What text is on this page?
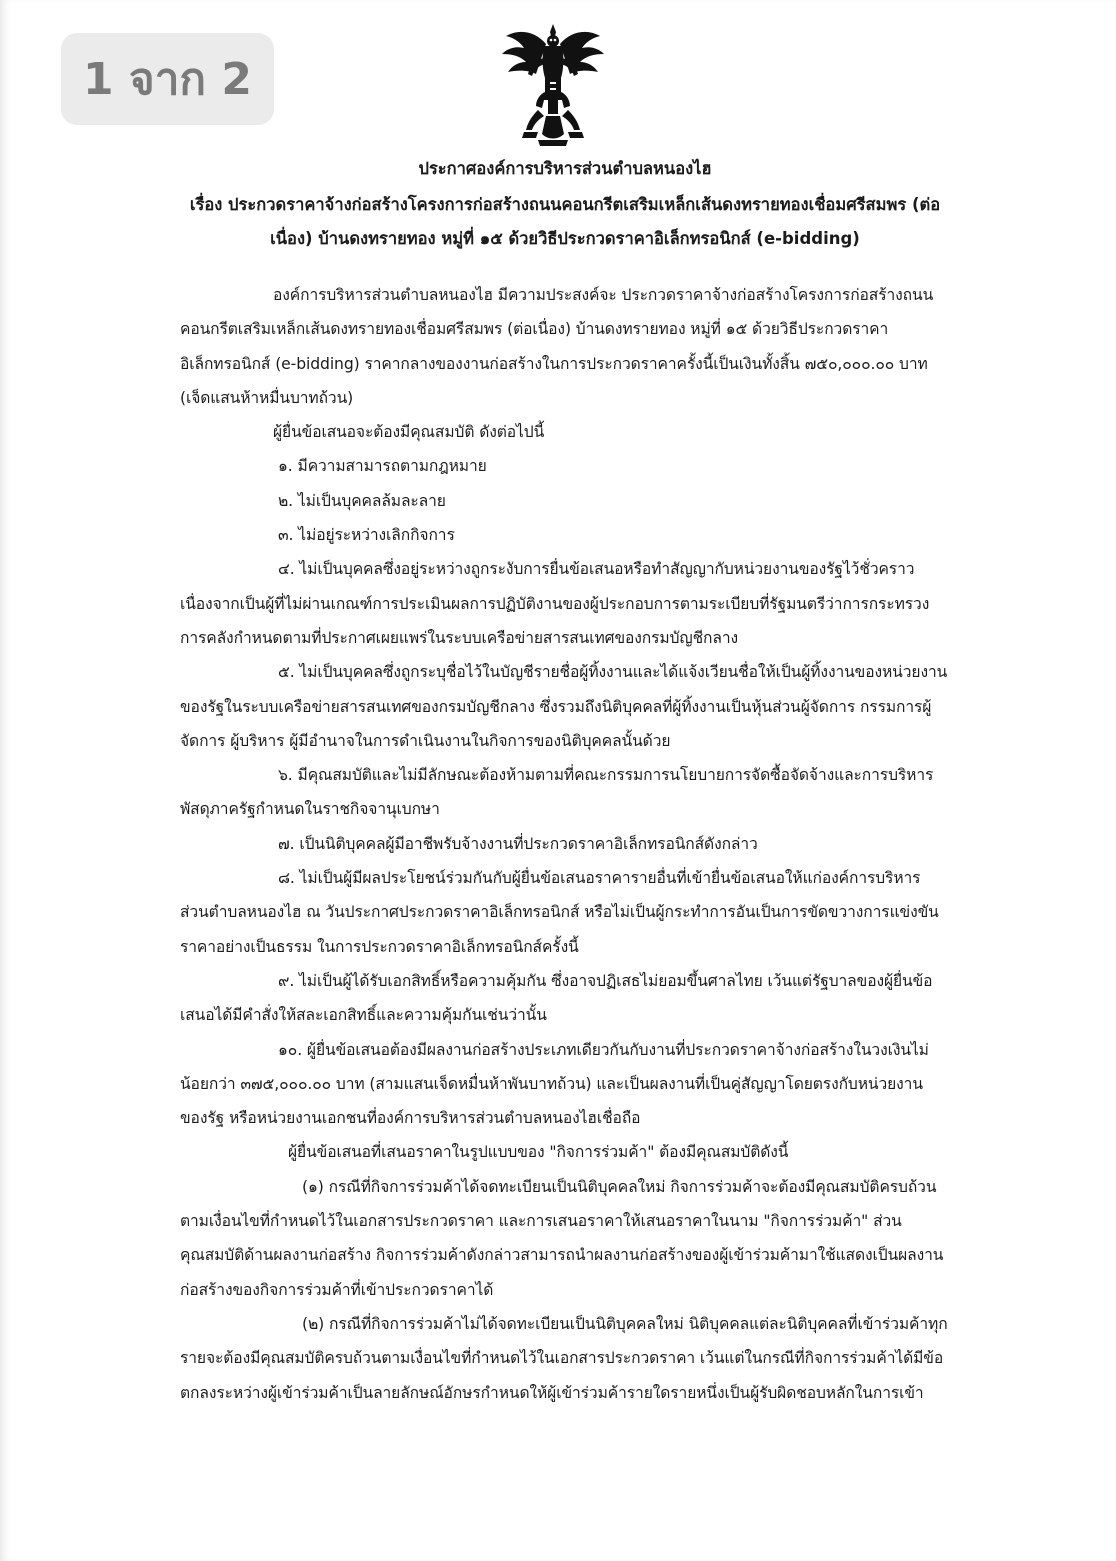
1 จาก 2

ประกาศองค์การบริหารส่วนตำบลหนองไฮ

เรื่อง ประกวดราคาจ้างก่อสร้างโครงการก่อสร้างถนนคอนกรีตเสริมเหล็กเส้นดงทรายทองเชื่อมศรีสมพร (ต่อ

เนื่อง) บ้านดงทรายทอง หมู่ที่ ๑๕ ด้วยวิธีประกวดราคาอิเล็กทรอนิกส์ (e-bidding)

องค์การบริหารส่วนตำบลหนองไฮ มีความประสงค์จะ ประกวดราคาจ้างก่อสร้างโครงการก่อสร้างถนน
คอนกรีตเสริมเหล็กเส้นดงทรายทองเชื่อมศรีสมพร (ต่อเนื่อง) บ้านดงทรายทอง หมู่ที่ ๑๕ ด้วยวิธีประกวดราคา
อิเล็กทรอนิกส์ (e-bidding) ราคากลางของงานก่อสร้างในการประกวดราคาครั้งนี้เป็นเงินทั้งสิ้น ๗๕๐,๐๐๐.๐๐ บาท
(เจ็ดแสนห้าหมื่นบาทถ้วน)
ผู้ยื่นข้อเสนอจะต้องมีคุณสมบัติ ดังต่อไปนี้
๑. มีความสามารถตามกฎหมาย
๒. ไม่เป็นบุคคลล้มละลาย
๓. ไม่อยู่ระหว่างเลิกกิจการ
๔. ไม่เป็นบุคคลซึ่งอยู่ระหว่างถูกระงับการยื่นข้อเสนอหรือทำสัญญากับหน่วยงานของรัฐไว้ชั่วคราว
เนื่องจากเป็นผู้ที่ไม่ผ่านเกณฑ์การประเมินผลการปฏิบัติงานของผู้ประกอบการตามระเบียบที่รัฐมนตรีว่าการกระทรวง
การคลังกำหนดตามที่ประกาศเผยแพร่ในระบบเครือข่ายสารสนเทศของกรมบัญชีกลาง
๕. ไม่เป็นบุคคลซึ่งถูกระบุชื่อไว้ในบัญชีรายชื่อผู้ทิ้งงานและได้แจ้งเวียนชื่อให้เป็นผู้ทิ้งงานของหน่วยงาน
ของรัฐในระบบเครือข่ายสารสนเทศของกรมบัญชีกลาง ซึ่งรวมถึงนิติบุคคลที่ผู้ทิ้งงานเป็นหุ้นส่วนผู้จัดการ กรรมการผู้
จัดการ ผู้บริหาร ผู้มีอำนาจในการดำเนินงานในกิจการของนิติบุคคลนั้นด้วย
๖. มีคุณสมบัติและไม่มีลักษณะต้องห้ามตามที่คณะกรรมการนโยบายการจัดซื้อจัดจ้างและการบริหาร
พัสดุภาครัฐกำหนดในราชกิจจานุเบกษา
๗. เป็นนิติบุคคลผู้มีอาชีพรับจ้างงานที่ประกวดราคาอิเล็กทรอนิกส์ดังกล่าว
๘. ไม่เป็นผู้มีผลประโยชน์ร่วมกันกับผู้ยื่นข้อเสนอราคารายอื่นที่เข้ายื่นข้อเสนอให้แก่องค์การบริหาร
ส่วนตำบลหนองไฮ ณ วันประกาศประกวดราคาอิเล็กทรอนิกส์ หรือไม่เป็นผู้กระทำการอันเป็นการขัดขวางการแข่งขัน
ราคาอย่างเป็นธรรม ในการประกวดราคาอิเล็กทรอนิกส์ครั้งนี้
๙. ไม่เป็นผู้ได้รับเอกสิทธิ์หรือความคุ้มกัน ซึ่งอาจปฏิเสธไม่ยอมขึ้นศาลไทย เว้นแต่รัฐบาลของผู้ยื่นข้อ
เสนอได้มีคำสั่งให้สละเอกสิทธิ์และความคุ้มกันเช่นว่านั้น
๑๐. ผู้ยื่นข้อเสนอต้องมีผลงานก่อสร้างประเภทเดียวกันกับงานที่ประกวดราคาจ้างก่อสร้างในวงเงินไม่
น้อยกว่า ๓๗๕,๐๐๐.๐๐ บาท (สามแสนเจ็ดหมื่นห้าพันบาทถ้วน) และเป็นผลงานที่เป็นคู่สัญญาโดยตรงกับหน่วยงาน
ของรัฐ หรือหน่วยงานเอกชนที่องค์การบริหารส่วนตำบลหนองไฮเชื่อถือ
ผู้ยื่นข้อเสนอที่เสนอราคาในรูปแบบของ "กิจการร่วมค้า" ต้องมีคุณสมบัติดังนี้
(๑) กรณีที่กิจการร่วมค้าได้จดทะเบียนเป็นนิติบุคคลใหม่ กิจการร่วมค้าจะต้องมีคุณสมบัติครบถ้วน
ตามเงื่อนไขที่กำหนดไว้ในเอกสารประกวดราคา และการเสนอราคาให้เสนอราคาในนาม "กิจการร่วมค้า" ส่วน
คุณสมบัติด้านผลงานก่อสร้าง กิจการร่วมค้าดังกล่าวสามารถนำผลงานก่อสร้างของผู้เข้าร่วมค้ามาใช้แสดงเป็นผลงาน
ก่อสร้างของกิจการร่วมค้าที่เข้าประกวดราคาได้
(๒) กรณีที่กิจการร่วมค้าไม่ได้จดทะเบียนเป็นนิติบุคคลใหม่ นิติบุคคลแต่ละนิติบุคคลที่เข้าร่วมค้าทุก
รายจะต้องมีคุณสมบัติครบถ้วนตามเงื่อนไขที่กำหนดไว้ในเอกสารประกวดราคา เว้นแต่ในกรณีที่กิจการร่วมค้าได้มีข้อ
ตกลงระหว่างผู้เข้าร่วมค้าเป็นลายลักษณ์อักษรกำหนดให้ผู้เข้าร่วมค้ารายใดรายหนึ่งเป็นผู้รับผิดชอบหลักในการเข้า
